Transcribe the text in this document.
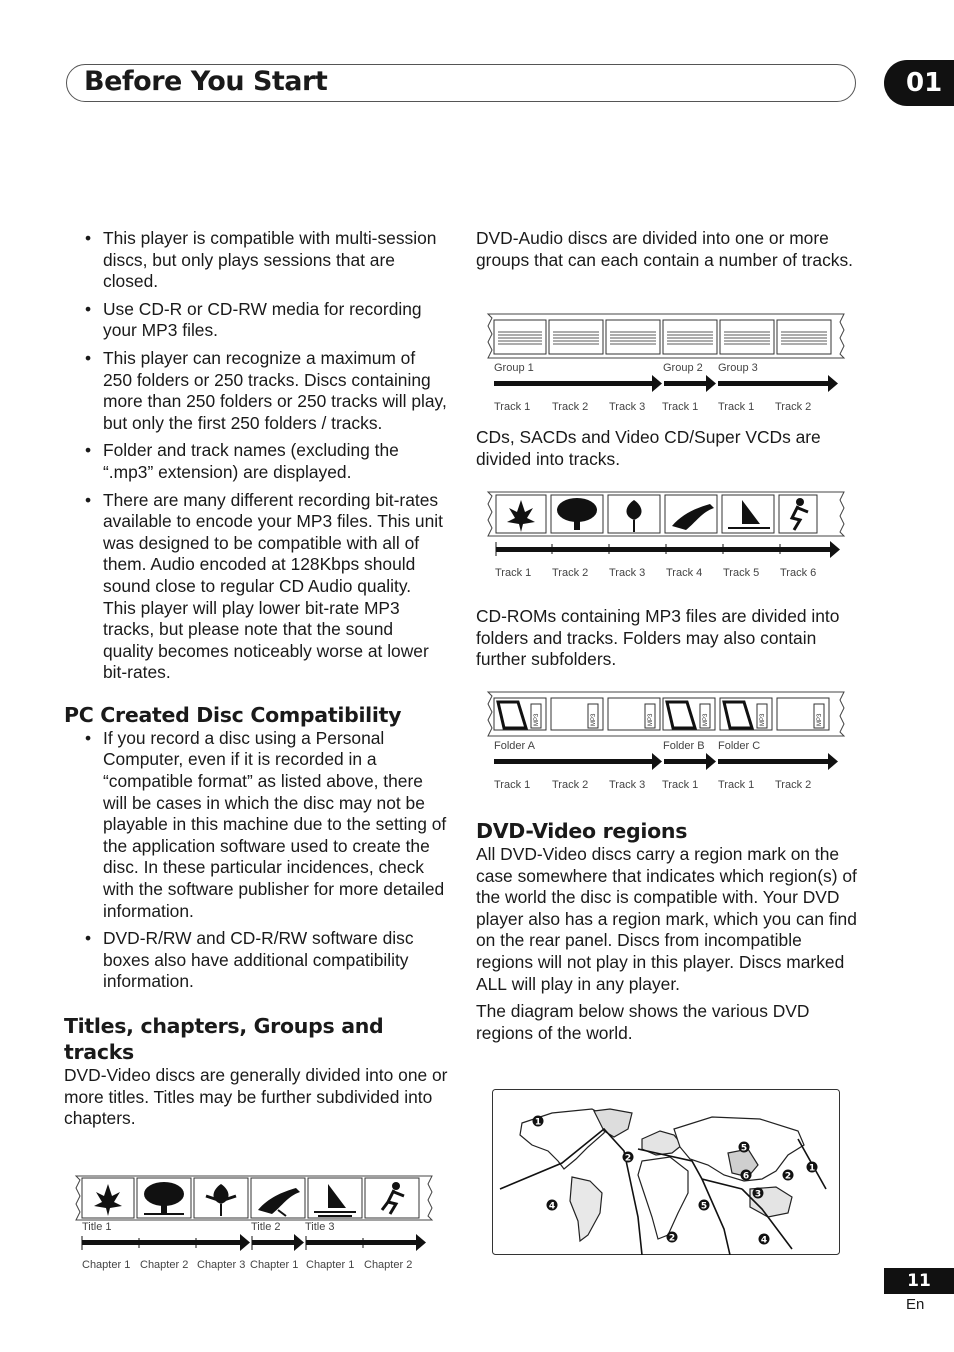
Before You Start	01
• This player is compatible with multi-session discs, but only plays sessions that are closed.
• Use CD-R or CD-RW media for recording your MP3 files.
• This player can recognize a maximum of 250 folders or 250 tracks. Discs containing more than 250 folders or 250 tracks will play, but only the first 250 folders / tracks.
• Folder and track names (excluding the “.mp3” extension) are displayed.
• There are many different recording bit-rates available to encode your MP3 files. This unit was designed to be compatible with all of them. Audio encoded at 128Kbps should sound close to regular CD Audio quality. This player will play lower bit-rate MP3 tracks, but please note that the sound quality becomes noticeably worse at lower bit-rates.
PC Created Disc Compatibility
• If you record a disc using a Personal Computer, even if it is recorded in a “compatible format” as listed above, there will be cases in which the disc may not be playable in this machine due to the setting of the application software used to create the disc. In these particular incidences, check with the software publisher for more detailed information.
• DVD-R/RW and CD-R/RW software disc boxes also have additional compatibility information.
Titles, chapters, Groups and tracks

DVD-Video discs are generally divided into one or more titles. Titles may be further subdivided into chapters.

DVD-Audio discs are divided into one or more groups that can each contain a number of tracks.

CDs, SACDs and Video CD/Super VCDs are divided into tracks.

CD-ROMs containing MP3 files are divided into folders and tracks. Folders may also contain further subfolders.

DVD-Video regions

All DVD-Video discs carry a region mark on the case somewhere that indicates which region(s) of the world the disc is compatible with. Your DVD player also has a region mark, which you can find on the rear panel. Discs from incompatible regions will not play in this player. Discs marked ALL will play in any player.

The diagram below shows the various DVD regions of the world.

Title 1	Title 2 Title 3
Chapter 1 Chapter 2 Chapter 3 Chapter 1 Chapter 1 Chapter 2
Group 1	Group 2 Group 3
Track 1 Track 2 Track 3 Track 1 Track 1 Track 2
Track 1 Track 2 Track 3 Track 4 Track 5 Track 6
MP3	MP3	MP3	MP3	MP3	MP3
Folder A	Folder B Folder C
Track 1 Track 2 Track 3 Track 1 Track 1 Track 2
1
1
2
2
2
3
4
4
5
5
6
11
En
